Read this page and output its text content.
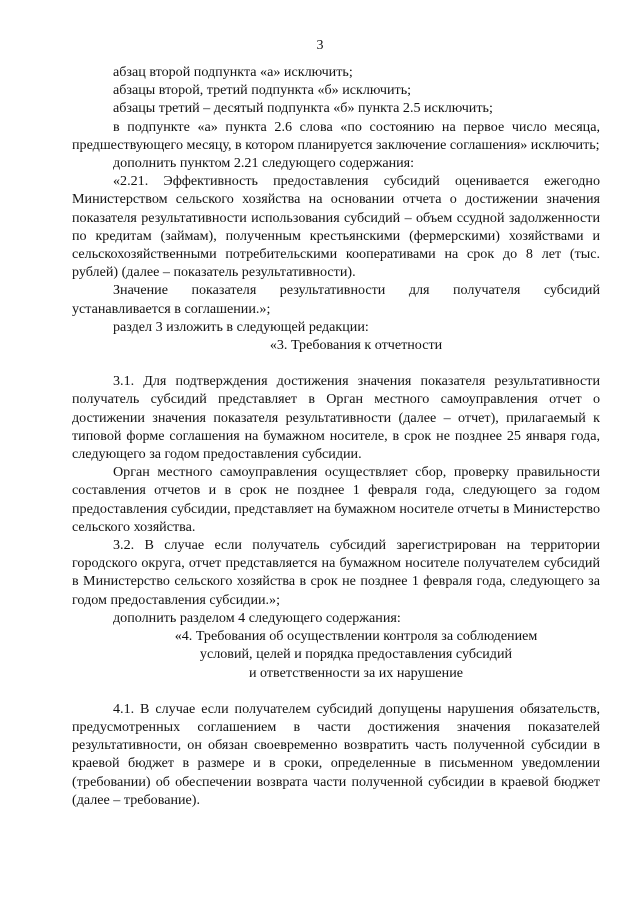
3

абзац второй подпункта «а» исключить;

абзацы второй, третий подпункта «б» исключить;

абзацы третий – десятый подпункта «б» пункта 2.5 исключить;

в подпункте «а» пункта 2.6 слова «по состоянию на первое число месяца, предшествующего месяцу, в котором планируется заключение соглашения» исключить;

дополнить пунктом 2.21 следующего содержания:

«2.21. Эффективность предоставления субсидий оценивается ежегодно Министерством сельского хозяйства на основании отчета о достижении значения показателя результативности использования субсидий – объем ссудной задолженности по кредитам (займам), полученным крестьянскими (фермерскими) хозяйствами и сельскохозяйственными потребительскими кооперативами на срок до 8 лет (тыс. рублей) (далее – показатель результативности).

Значение показателя результативности для получателя субсидий устанавливается в соглашении.»;

раздел 3 изложить в следующей редакции:

«3. Требования к отчетности

3.1. Для подтверждения достижения значения показателя результативности получатель субсидий представляет в Орган местного самоуправления отчет о достижении значения показателя результативности (далее – отчет), прилагаемый к типовой форме соглашения на бумажном носителе, в срок не позднее 25 января года, следующего за годом предоставления субсидии.

Орган местного самоуправления осуществляет сбор, проверку правильности составления отчетов и в срок не позднее 1 февраля года, следующего за годом предоставления субсидии, представляет на бумажном носителе отчеты в Министерство сельского хозяйства.

3.2. В случае если получатель субсидий зарегистрирован на территории городского округа, отчет представляется на бумажном носителе получателем субсидий в Министерство сельского хозяйства в срок не позднее 1 февраля года, следующего за годом предоставления субсидии.»;

дополнить разделом 4 следующего содержания:

«4. Требования об осуществлении контроля за соблюдением

условий, целей и порядка предоставления субсидий

и ответственности за их нарушение

4.1. В случае если получателем субсидий допущены нарушения обязательств, предусмотренных соглашением в части достижения значения показателей результативности, он обязан своевременно возвратить часть полученной субсидии в краевой бюджет в размере и в сроки, определенные в письменном уведомлении (требовании) об обеспечении возврата части полученной субсидии в краевой бюджет (далее – требование).
